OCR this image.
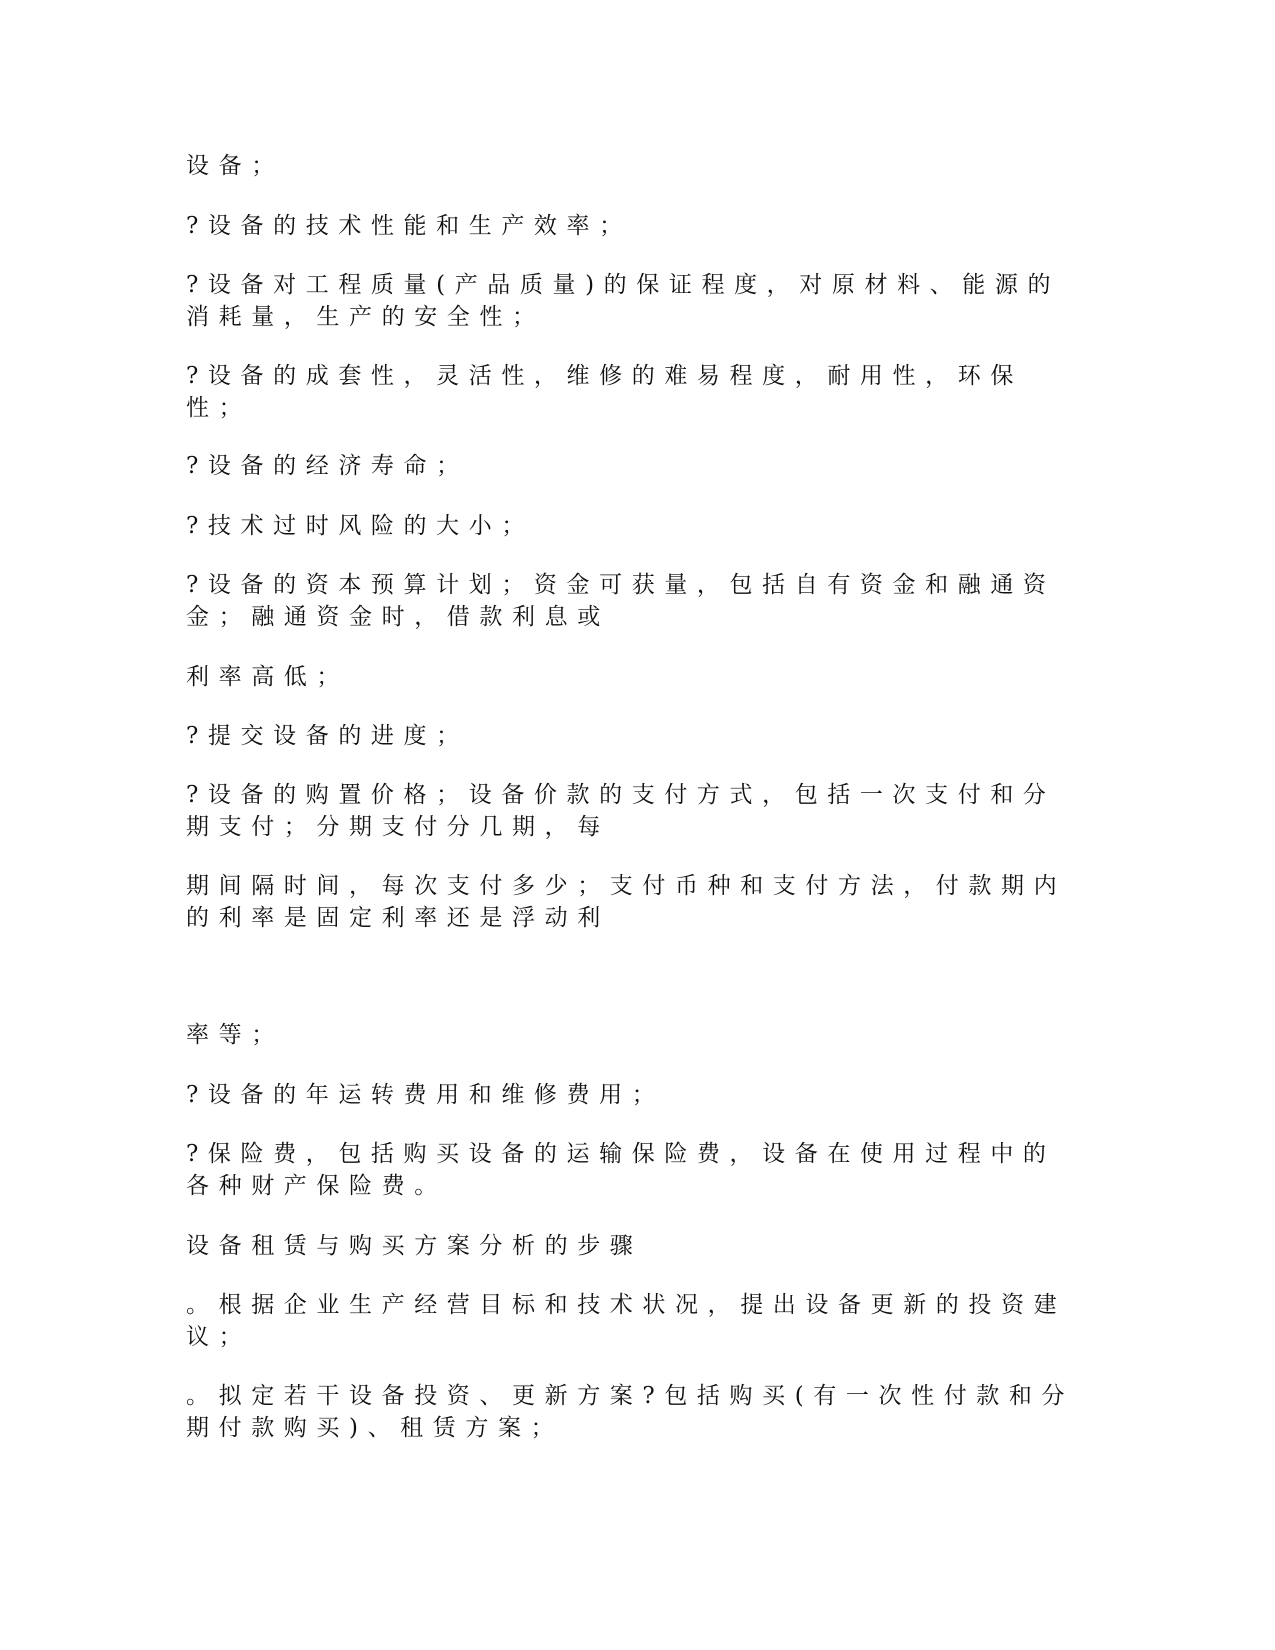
设备；

?设备的技术性能和生产效率；

?设备对工程质量(产品质量)的保证程度，对原材料、能源的消耗量，生产的安全性；

?设备的成套性，灵活性，维修的难易程度，耐用性，环保性；

?设备的经济寿命；

?技术过时风险的大小；

?设备的资本预算计划；资金可获量，包括自有资金和融通资金；融通资金时，借款利息或

利率高低；

?提交设备的进度；

?设备的购置价格；设备价款的支付方式，包括一次支付和分期支付；分期支付分几期，每

期间隔时间，每次支付多少；支付币种和支付方法，付款期内的利率是固定利率还是浮动利

率等；

?设备的年运转费用和维修费用；

?保险费，包括购买设备的运输保险费，设备在使用过程中的各种财产保险费。

设备租赁与购买方案分析的步骤

。根据企业生产经营目标和技术状况，提出设备更新的投资建议；

。拟定若干设备投资、更新方案?包括购买(有一次性付款和分期付款购买)、租赁方案；
